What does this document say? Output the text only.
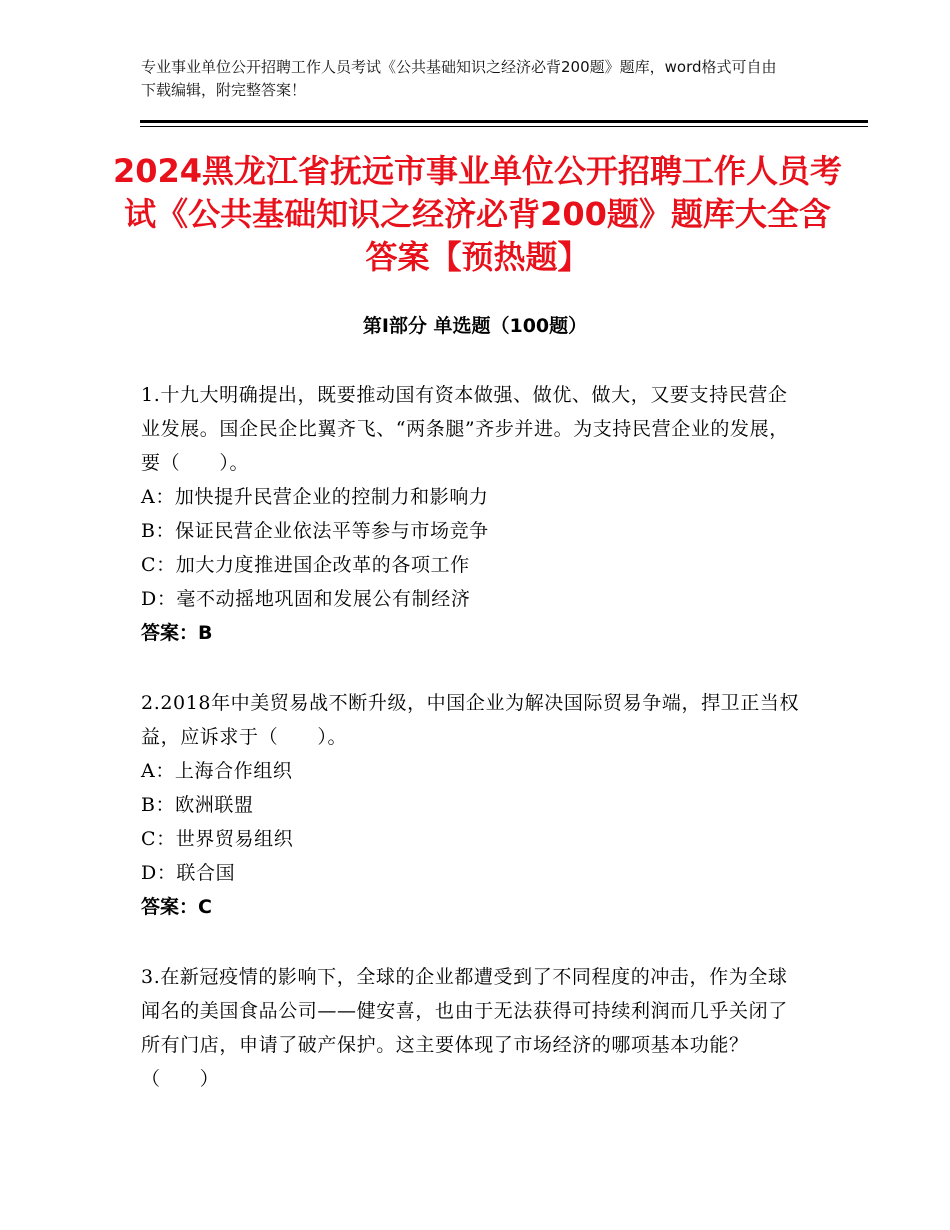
专业事业单位公开招聘工作人员考试《公共基础知识之经济必背200题》题库，word格式可自由下载编辑，附完整答案！
2024黑龙江省抚远市事业单位公开招聘工作人员考试《公共基础知识之经济必背200题》题库大全含答案【预热题】
第Ⅰ部分 单选题（100题）
1.十九大明确提出，既要推动国有资本做强、做优、做大，又要支持民营企业发展。国企民企比翼齐飞、“两条腿”齐步并进。为支持民营企业的发展，要（　　）。
A：加快提升民营企业的控制力和影响力
B：保证民营企业依法平等参与市场竞争
C：加大力度推进国企改革的各项工作
D：毫不动摇地巩固和发展公有制经济
答案：B
2.2018年中美贸易战不断升级，中国企业为解决国际贸易争端，捍卫正当权益，应诉求于（　　）。
A：上海合作组织
B：欧洲联盟
C：世界贸易组织
D：联合国
答案：C
3.在新冠疫情的影响下，全球的企业都遭受到了不同程度的冲击，作为全球闻名的美国食品公司——健安喜，也由于无法获得可持续利润而几乎关闭了所有门店，申请了破产保护。这主要体现了市场经济的哪项基本功能？（　　）
